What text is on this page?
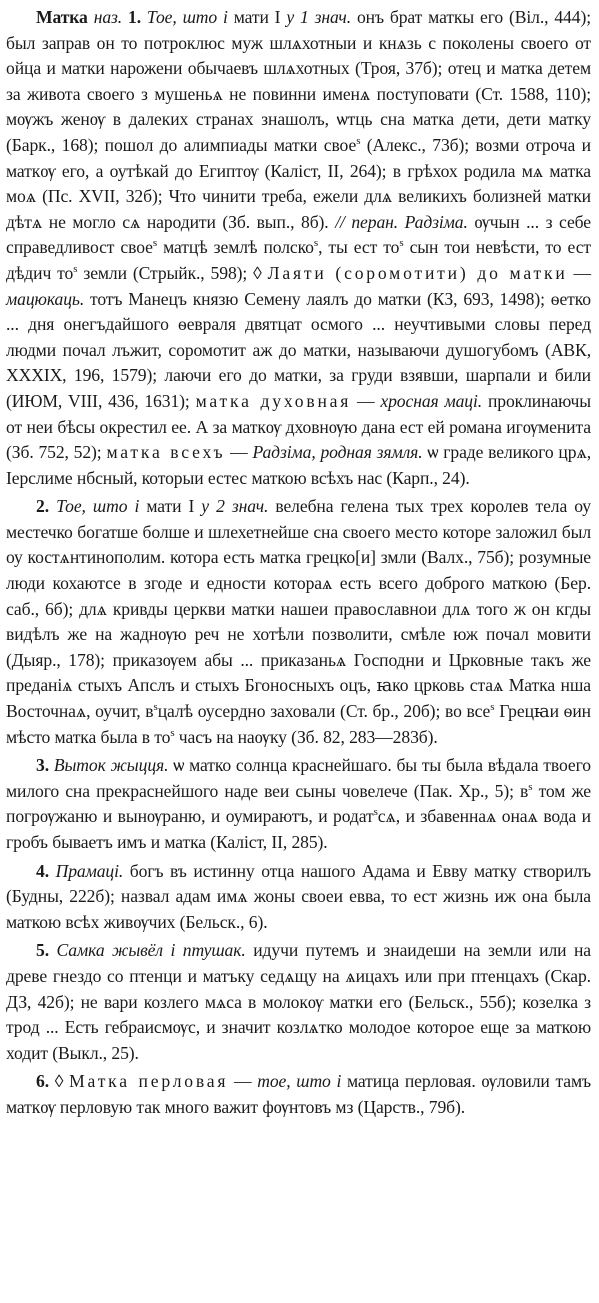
Матка наз. 1. Тое, што і мати I у 1 знач. онъ брат маткы его (Віл., 444); был заправ он то потроклюс муж шлѧхотныи и кнѧзь с поколены своего от ойца и матки нарожени обычаевъ шлѧхотных (Троя, 37б); отец и матка детем за живота своего з мушеньѧ не повинни именѧ поступовати (Ст. 1588, 110); мѹжъ женѹ в далеких странах знашолъ, ѡтць сна матка дети, дети матку (Барк., 168); пошол до алимпиады матки свое$^s$ (Алекс., 73б); возми отроча и маткѹ его, а оутѣкай до Египтѹ (Каліст, II, 264); в грѣхох родила мѧ матка моѧ (Пс. XVII, 32б); Что чинити треба, ежели длѧ великихъ болизней матки дѣтѧ не могло сѧ народити (Зб. вып., 8б). // перан. Радзіма. ѹчын ... з себе справедливост свое$^s$ матцѣ землѣ полско$^s$, ты ест $то^s$ сын тои невѣсти, то ест дѣдич $то^s$ земли (Стрыйк., 598); ◊ Лаяти (соромотити) до матки — мацюкаць. тотъ Манецъ князю Семену лаялъ до матки (КЗ, 693, 1498); ѳетко ... дня онегъдайшого ѳевраля двятцат осмого ... неучтивыми словы перед людми почал лъжит, соромотит аж до матки, называючи душогубомъ (АВК, XXXIX, 196, 1579); лаючи его до матки, за груди взявши, шарпали и били (ИЮМ, VIII, 436, 1631); матка духовная — хросная маці. проклинаючы от неи бѣсы окрестил ее. А за маткѹ дховнѹю дана ест ей романа игѹменита (Зб. 752, 52); матка всехъ — Радзіма, родная зямля. ѡ граде великого црѧ, Іерслиме нбсный, которыи естес маткою всѣхъ нас (Карп., 24).

2. Тое, што і мати I у 2 знач. велебна гелена тых трех королев тела оу местечко богатше болше и шлехетнейше сна своего место которе заложил был оу костѧнтинополим. котора есть матка грецко[и] змли (Валх., 75б); розумные люди кохаютсе в згоде и едности котораѧ есть всего доброго маткою (Бер. саб., 6б); длѧ кривды церкви матки нашеи православнои длѧ того ж он кгды видѣлъ же на жаднѹю реч не хотѣли позволити, смѣле юж почал мовити (Дыяр., 178); приказѹем абы ... приказаньѧ Господни и Црковные такъ же преданіѧ стыхъ Апслъ и стыхъ Бгоносныхъ оцъ, ꙗко црковь стаѧ Матка нша Восточнаѧ, оучит, $в^sцалѣ$ оусердно заховали (Ст. бр., 20б); во все$^s$ Грецꙗи ѳин мѣсто матка была в $то^s$ часъ на наѹку (Зб. 82, 283—283б).

3. Выток жыцця. ѡ матко солнца краснейшаго. бы ты была вѣдала твоего милого сна прекраснейшого наде веи сыны човелече (Пак. Хр., 5); $в^s$ том же погрѹжаню и вынѹраню, и оумираютъ, и родат$^s$сѧ, и збавеннаѧ онаѧ вода и гробъ бываетъ имъ и матка (Каліст, II, 285).

4. Прамаці. богъ въ истинну отца нашого Адама и Евву матку створилъ (Будны, 222б); назвал адам имѧ жоны своеи евва, то ест жизнь иж она была маткою всѣх живѹчих (Бельск., 6).

5. Самка жывёл і птушак. идучи путемъ и знаидеши на земли или на древе гнездо со птенци и матъку седѧщу на ѧицахъ или при птенцахъ (Скар. ДЗ, 42б); не вари козлего мѧса в молокѹ матки его (Бельск., 55б); козелка з трод ... Есть гебраисмѹс, и значит козлѧтко молодое которое еще за маткою ходит (Выкл., 25).

6. ◊ Матка перловая — тое, што і матица перловая. ѹловили тамъ маткѹ перловую так много важит фѹнтовъ мз (Царств., 79б).
